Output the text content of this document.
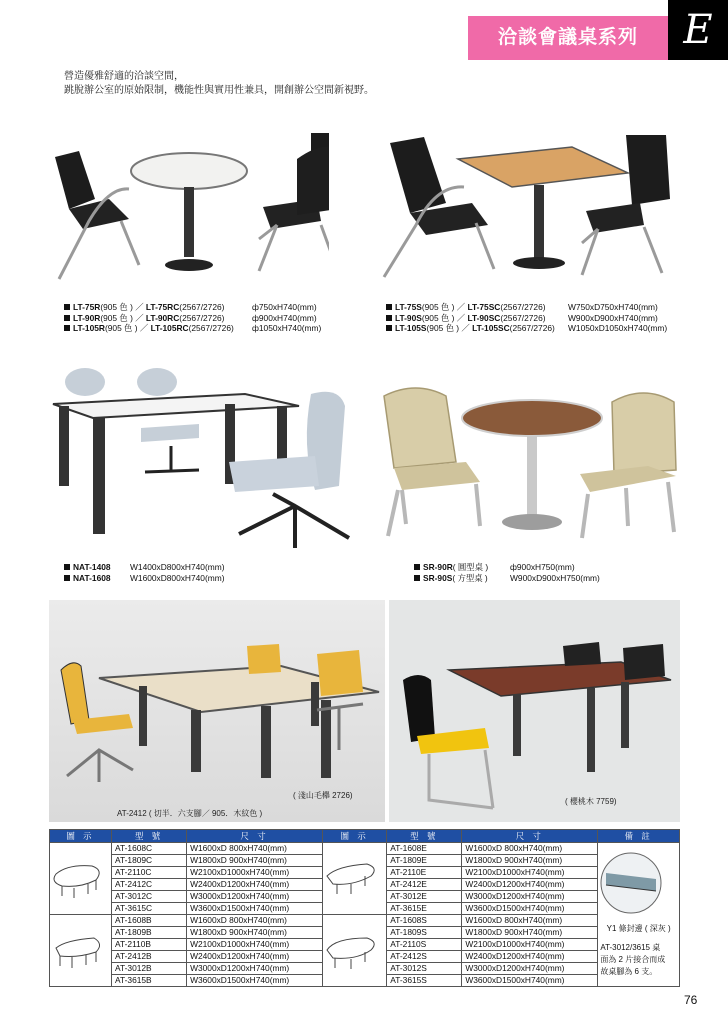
洽談會議桌系列	E
營造優雅舒適的洽談空間，
跳脫辦公室的原始限制，機能性與實用性兼具，開創辦公空間新視野。
LT-75R(905 色 ) ／ LT-75RC(2567/2726)	ф750xH740(mm)
LT-90R(905 色 ) ／ LT-90RC(2567/2726)	ф900xH740(mm)
LT-105R(905 色 ) ／ LT-105RC(2567/2726) ф1050xH740(mm)
LT-75S(905 色 ) ／ LT-75SC(2567/2726)	W750xD750xH740(mm)
LT-90S(905 色 ) ／ LT-90SC(2567/2726)	W900xD900xH740(mm)
LT-105S(905 色 ) ／ LT-105SC(2567/2726) W1050xD1050xH740(mm)
NAT-1408 W1400xD800xH740(mm)
NAT-1608 W1600xD800xH740(mm)
SR-90R( 圓型桌 )	ф900xH750(mm)
SR-90S( 方型桌 )	W900xD900xH750(mm)
( 淺山毛櫸 2726)
AT-2412 ( 切半．六支腳／ 905．木紋色 )
( 櫻桃木 7759)
圖 示	型 號	尺 寸	圖 示	型 號	尺 寸	備 註

	AT-1608C	W1600xD 800xH740(mm)		AT-1608E	W1600xD 800xH740(mm)	Y1 條封邊 ( 深灰 )
AT-3012/3615 桌
面為 2 片接合而成
故桌腳為 6 支。

	AT-1809C	W1800xD 900xH740(mm)		AT-1809E	W1800xD 900xH740(mm)	
	AT-2110C	W2100xD1000xH740(mm)		AT-2110E	W2100xD1000xH740(mm)	
	AT-2412C	W2400xD1200xH740(mm)		AT-2412E	W2400xD1200xH740(mm)	
	AT-3012C	W3000xD1200xH740(mm)		AT-3012E	W3000xD1200xH740(mm)	
	AT-3615C	W3600xD1500xH740(mm)		AT-3615E	W3600xD1500xH740(mm)	

	AT-1608B	W1600xD 800xH740(mm)		AT-1608S	W1600xD 800xH740(mm)	
	AT-1809B	W1800xD 900xH740(mm)		AT-1809S	W1800xD 900xH740(mm)	
	AT-2110B	W2100xD1000xH740(mm)		AT-2110S	W2100xD1000xH740(mm)	
	AT-2412B	W2400xD1200xH740(mm)		AT-2412S	W2400xD1200xH740(mm)	
	AT-3012B	W3000xD1200xH740(mm)		AT-3012S	W3000xD1200xH740(mm)	
	AT-3615B	W3600xD1500xH740(mm)		AT-3615S	W3600xD1500xH740(mm)	
76
